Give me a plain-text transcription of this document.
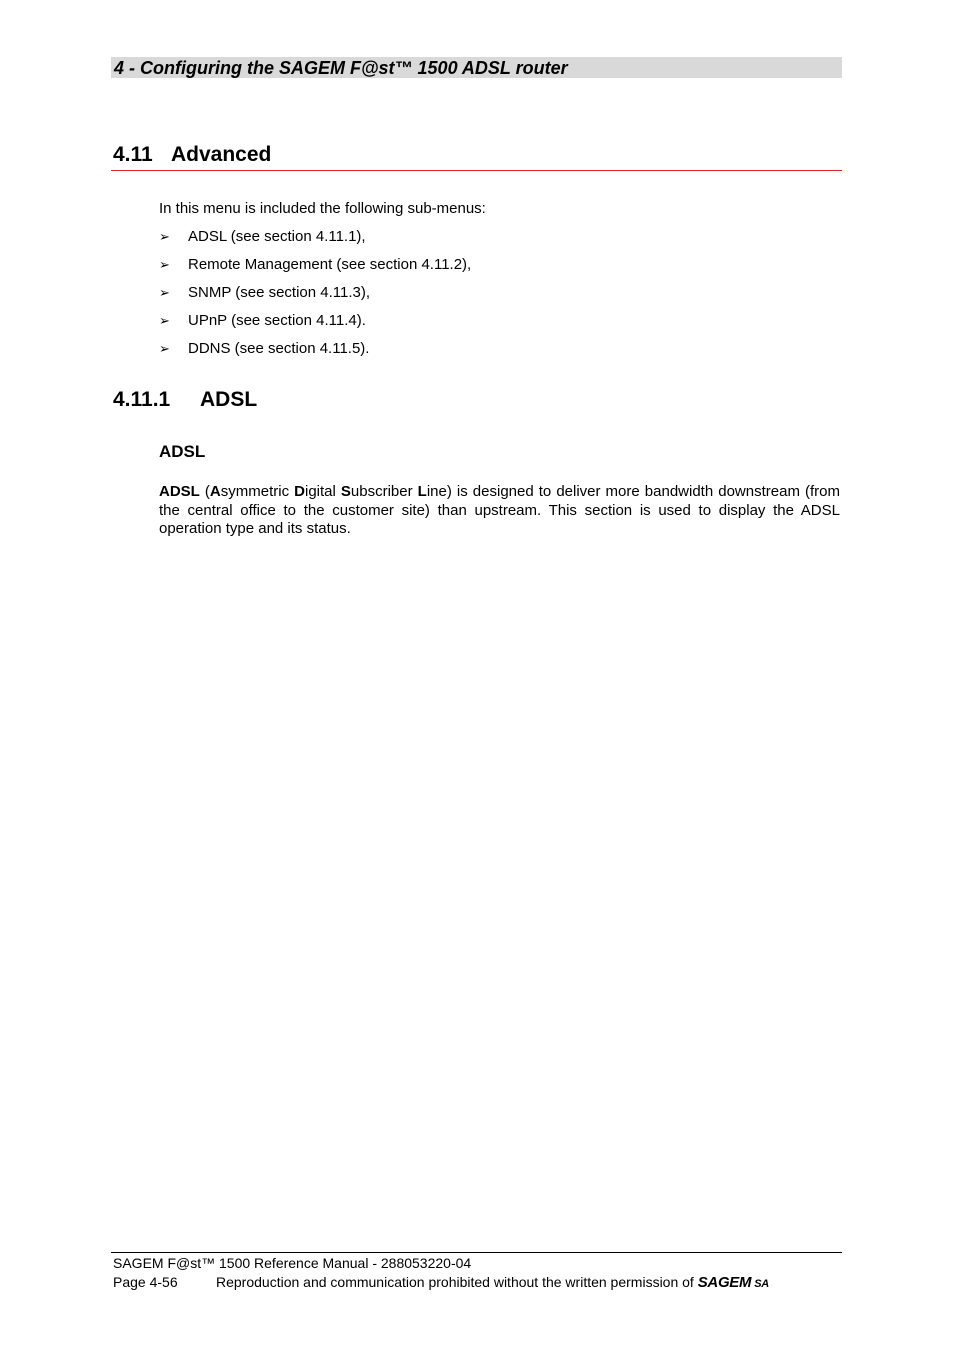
4 - Configuring the SAGEM F@st™ 1500 ADSL router
4.11 Advanced
In this menu is included the following sub-menus:
➢ ADSL (see section 4.11.1),
➢ Remote Management (see section 4.11.2),
➢ SNMP (see section 4.11.3),
➢ UPnP (see section 4.11.4).
➢ DDNS (see section 4.11.5).
4.11.1 ADSL
ADSL
ADSL (Asymmetric Digital Subscriber Line) is designed to deliver more bandwidth downstream (from the central office to the customer site) than upstream. This section is used to display the ADSL operation type and its status.
SAGEM F@st™ 1500 Reference Manual - 288053220-04
Page 4-56	Reproduction and communication prohibited without the written permission of SAGEM SA
